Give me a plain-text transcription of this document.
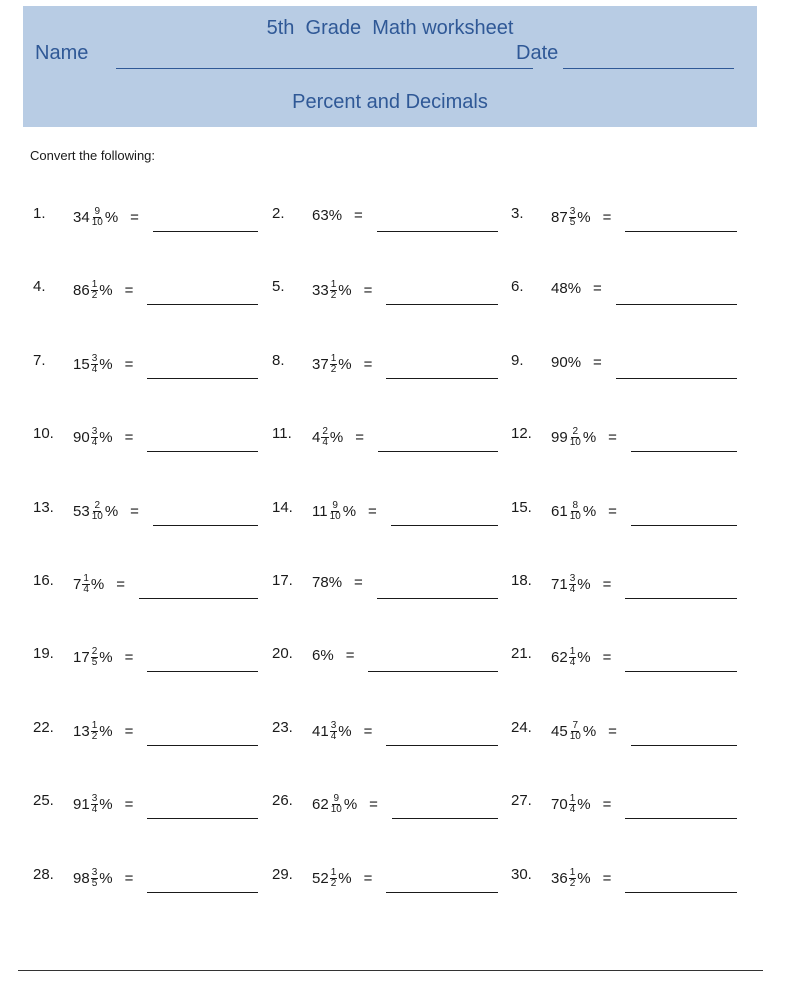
5th  Grade  Math worksheet
Name	Date
Percent and Decimals
Convert the following:
1. $34 \frac{9}{10}$ % =	2. 63 % =	3. $87 \frac{3}{5}$ % =
4. $86 \frac{1}{2}$ % =	5. $33 \frac{1}{2}$ % =	6. 48 % =
7. $15 \frac{3}{4}$ % =	8. $37 \frac{1}{2}$ % =	9. 90 % =
10. $90 \frac{3}{4}$ % =	11. $4 \frac{2}{4}$ % =	12. $99 \frac{2}{10}$ % =
13. $53 \frac{2}{10}$ % =	14. $11 \frac{9}{10}$ % =	15. $61 \frac{8}{10}$ % =
16. $7 \frac{1}{4}$ % =	17. 78 % =	18. $71 \frac{3}{4}$ % =
19. $17 \frac{2}{5}$ % =	20. 6 % =	21. $62 \frac{1}{4}$ % =
22. $13 \frac{1}{2}$ % =	23. $41 \frac{3}{4}$ % =	24. $45 \frac{7}{10}$ % =
25. $91 \frac{3}{4}$ % =	26. $62 \frac{9}{10}$ % =	27. $70 \frac{1}{4}$ % =
28. $98 \frac{3}{5}$ % =	29. $52 \frac{1}{2}$ % =	30. $36 \frac{1}{2}$ % =
